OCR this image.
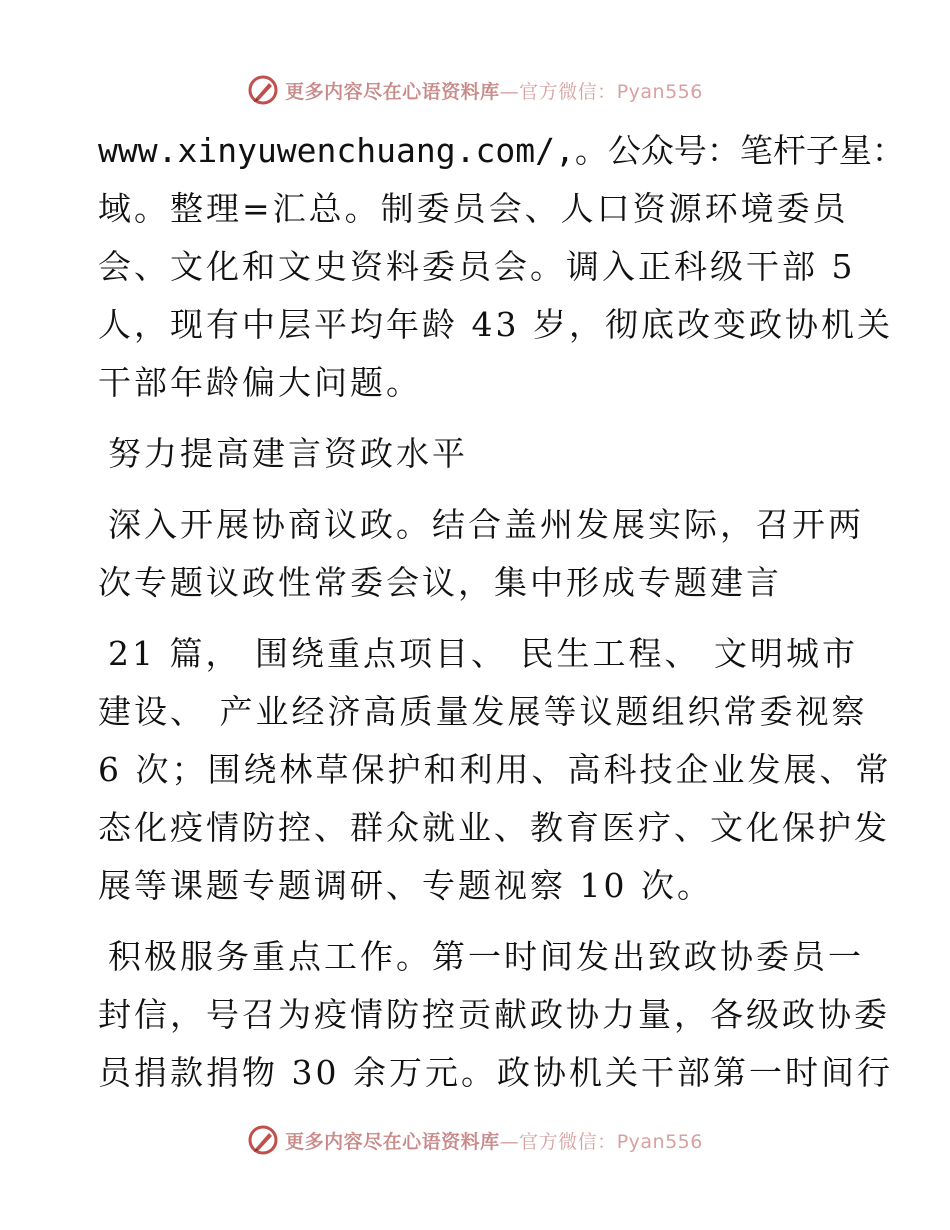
更多内容尽在心语资料库—官方微信：Pyan556
www.xinyuwenchuang.com/,。公众号：笔杆子星：
域。整理=汇总。制委员会、人口资源环境委员
会、文化和文史资料委员会。调入正科级干部 5
人，现有中层平均年龄 43 岁，彻底改变政协机关
干部年龄偏大问题。
努力提高建言资政水平
深入开展协商议政。结合盖州发展实际，召开两
次专题议政性常委会议，集中形成专题建言
21 篇， 围绕重点项目、 民生工程、 文明城市
建设、 产业经济高质量发展等议题组织常委视察
6 次；围绕林草保护和利用、高科技企业发展、常
态化疫情防控、群众就业、教育医疗、文化保护发
展等课题专题调研、专题视察 10 次。
积极服务重点工作。第一时间发出致政协委员一
封信，号召为疫情防控贡献政协力量，各级政协委
员捐款捐物 30 余万元。政协机关干部第一时间行
更多内容尽在心语资料库—官方微信：Pyan556
